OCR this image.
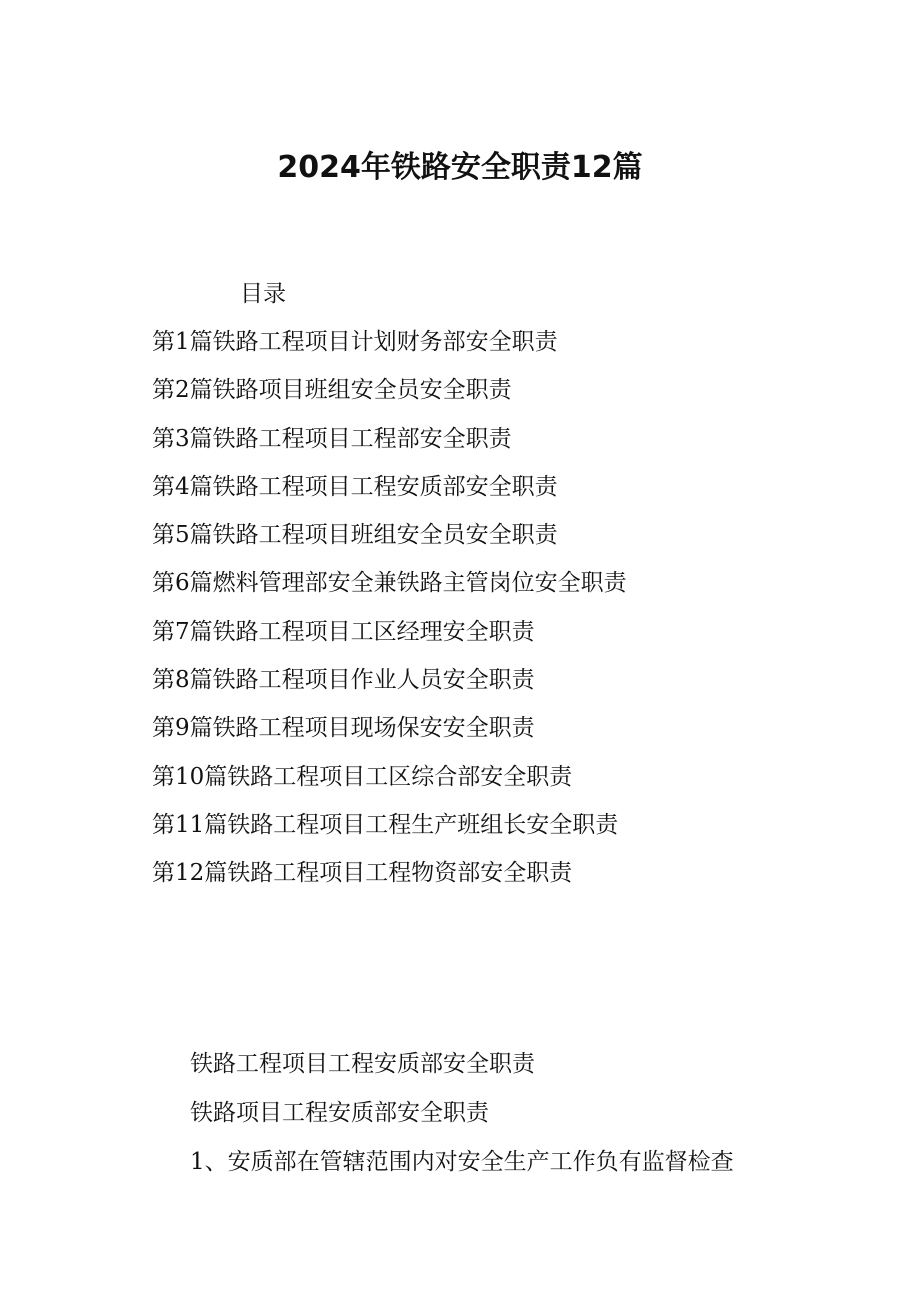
2024年铁路安全职责12篇
目录
第1篇铁路工程项目计划财务部安全职责
第2篇铁路项目班组安全员安全职责
第3篇铁路工程项目工程部安全职责
第4篇铁路工程项目工程安质部安全职责
第5篇铁路工程项目班组安全员安全职责
第6篇燃料管理部安全兼铁路主管岗位安全职责
第7篇铁路工程项目工区经理安全职责
第8篇铁路工程项目作业人员安全职责
第9篇铁路工程项目现场保安安全职责
第10篇铁路工程项目工区综合部安全职责
第11篇铁路工程项目工程生产班组长安全职责
第12篇铁路工程项目工程物资部安全职责
铁路工程项目工程安质部安全职责
铁路项目工程安质部安全职责
1、安质部在管辖范围内对安全生产工作负有监督检查
